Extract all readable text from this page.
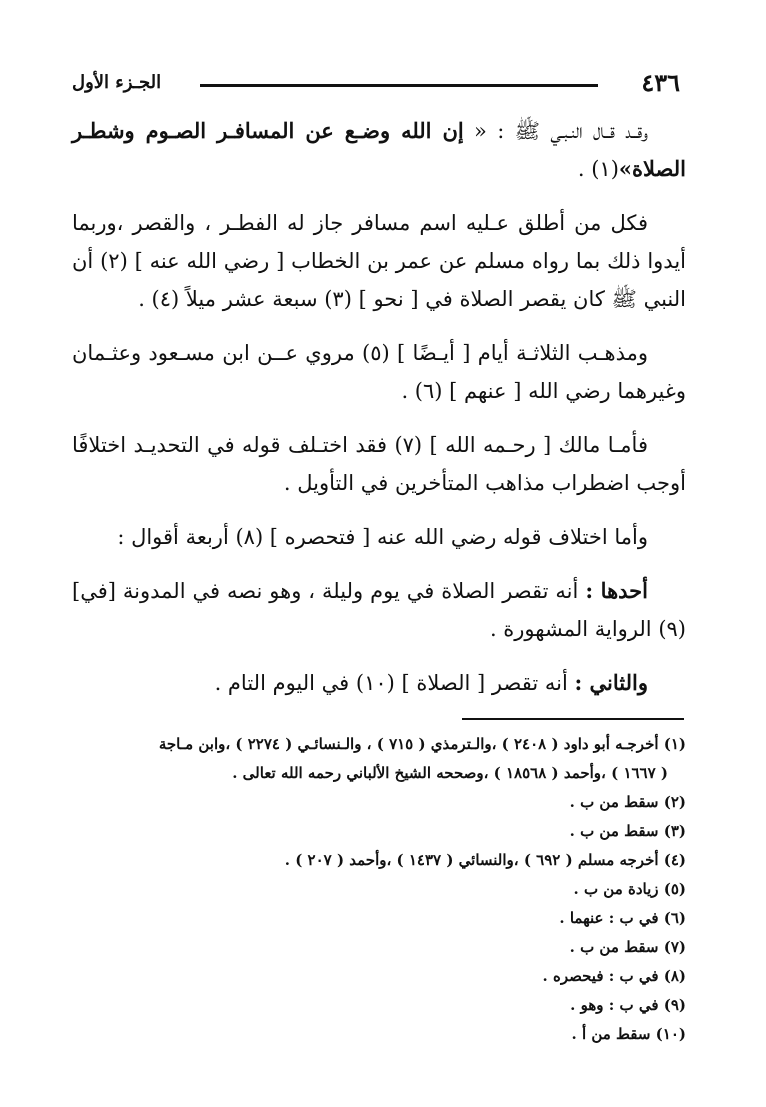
٤٣٦
الجـزء الأول

وقــد قــال النـبـي ﷺ : « إن الله وضـع عن المسافـر الصـوم وشطـر الصلاة»(١) .

فكل من أطلق عـليه اسم مسافر جاز له الفطـر ، والقصر ،وربما أيدوا ذلك بما رواه مسلم عن عمر بن الخطاب [ رضي الله عنه ] (٢) أن النبي ﷺ كان يقصر الصلاة في [ نحو ] (٣) سبعة عشر ميلاً (٤) .

ومذهـب الثلاثـة أيام [ أيـضًا ] (٥) مروي عــن ابن مسـعود وعثـمان وغيرهما رضي الله [ عنهم ] (٦) .

فأمـا مالك [ رحـمه الله ] (٧) فقد اختـلف قوله في التحديـد اختلافًا أوجب اضطراب مذاهب المتأخرين في التأويل .

وأما اختلاف قوله رضي الله عنه [ فتحصره ] (٨) أربعة أقوال :

أحدها : أنه تقصر الصلاة في يوم وليلة ، وهو نصه في المدونة [في](٩) الرواية المشهورة .

والثاني : أنه تقصر [ الصلاة ] (١٠) في اليوم التام .

(١) أخرجـه أبو داود ( ٢٤٠٨ ) ،والـترمذي ( ٧١٥ ) ، والـنسائـي ( ٢٢٧٤ ) ،وابن مـاجة

( ١٦٦٧ ) ،وأحمد ( ١٨٥٦٨ ) ،وصححه الشيخ الألباني رحمه الله تعالى .

(٢) سقط من ب .

(٣) سقط من ب .

(٤) أخرجه مسلم ( ٦٩٢ ) ،والنسائي ( ١٤٣٧ ) ،وأحمد ( ٢٠٧ ) .

(٥) زيادة من ب .

(٦) في ب : عنهما .

(٧) سقط من ب .

(٨) في ب : فيحصره .

(٩) في ب : وهو .

(١٠) سقط من أ .
